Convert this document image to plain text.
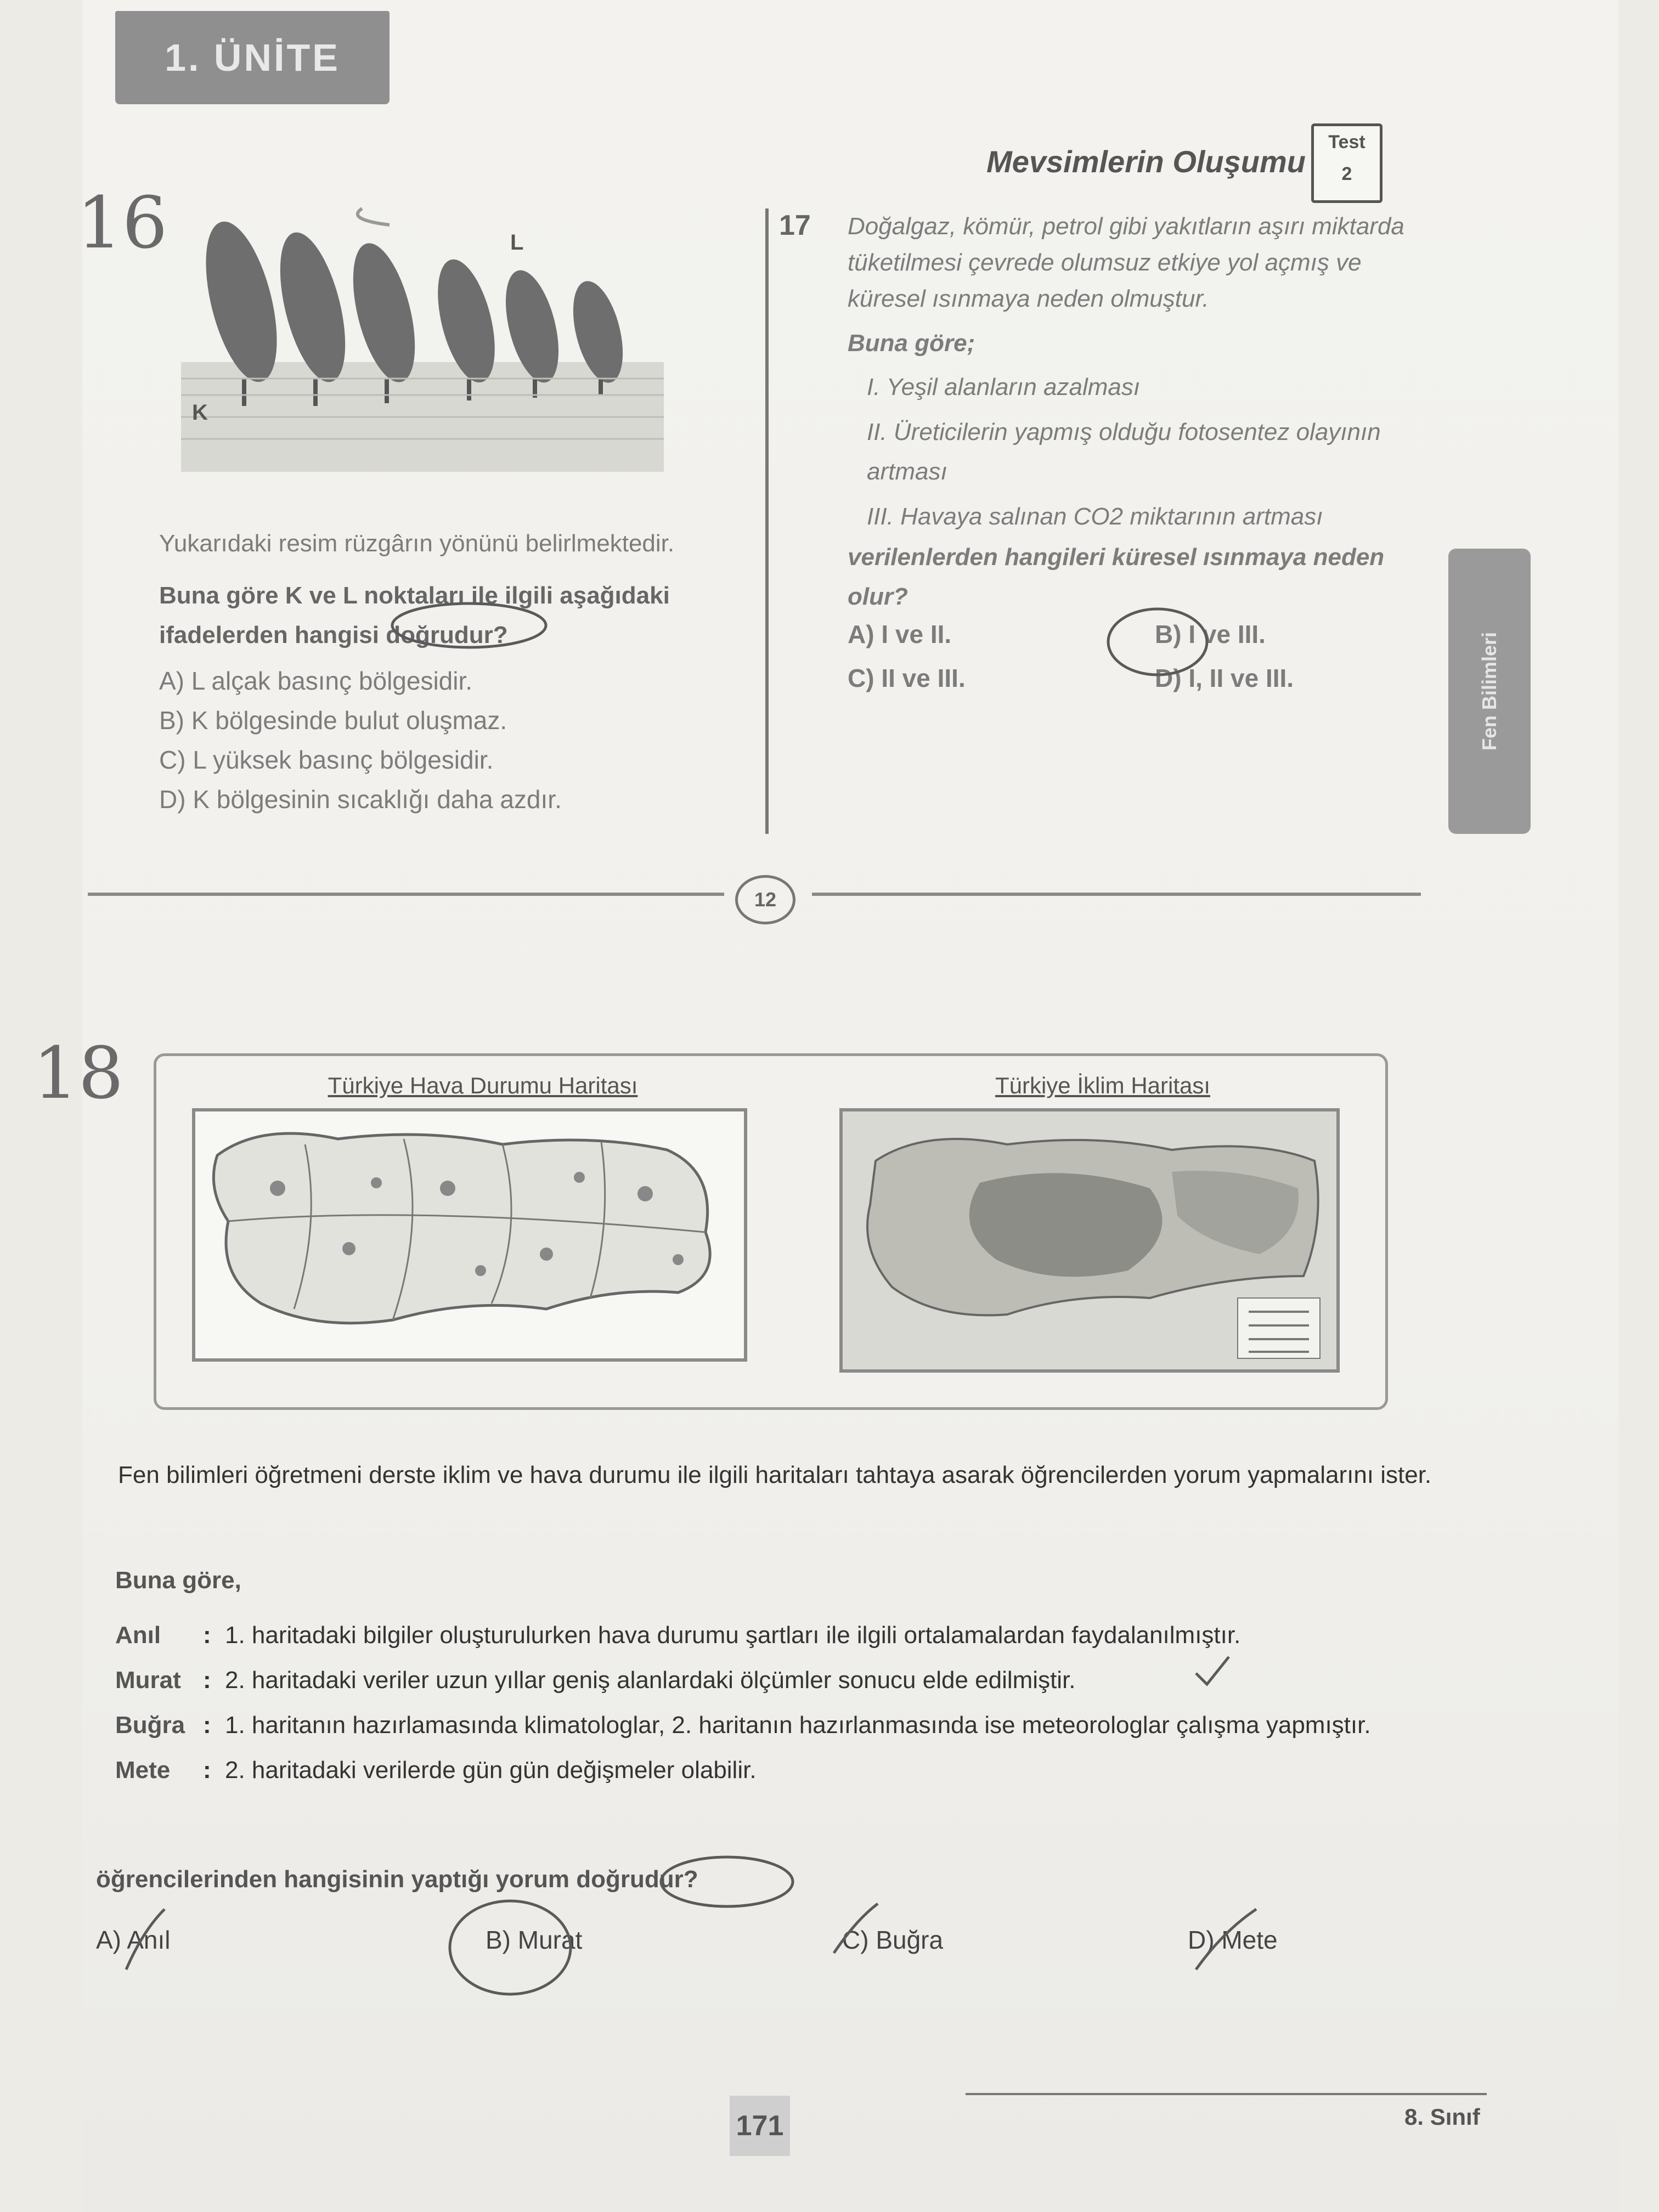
1. ÜNİTE
Mevsimlerin Oluşumu
Test
2
16	L
K
Yukarıdaki resim rüzgârın yönünü belirlmektedir.
Buna göre K ve L noktaları ile ilgili aşağıdaki ifadelerden hangisi doğrudur?
A) L alçak basınç bölgesidir.
B) K bölgesinde bulut oluşmaz.
C) L yüksek basınç bölgesidir.
D) K bölgesinin sıcaklığı daha azdır.
17 Doğalgaz, kömür, petrol gibi yakıtların aşırı miktarda tüketilmesi çevrede olumsuz etkiye yol açmış ve küresel ısınmaya neden olmuştur.
Buna göre;
I. Yeşil alanların azalması
II. Üreticilerin yapmış olduğu fotosentez olayının artması
III. Havaya salınan CO2 miktarının artması
verilenlerden hangileri küresel ısınmaya neden olur?
A) I ve II.	B) I ve III.
C) II ve III.	D) I, II ve III.	Fen Bilimleri
12
18	Türkiye Hava Durumu Haritası	Türkiye İklim Haritası
Fen bilimleri öğretmeni derste iklim ve hava durumu ile ilgili haritaları tahtaya asarak öğrencilerden yorum yapmalarını ister.
Buna göre,
Anıl	: 1. haritadaki bilgiler oluşturulurken hava durumu şartları ile ilgili ortalamalardan faydalanılmıştır.
Murat : 2. haritadaki veriler uzun yıllar geniş alanlardaki ölçümler sonucu elde edilmiştir.
Buğra : 1. haritanın hazırlamasında klimatologlar, 2. haritanın hazırlanmasında ise meteorologlar çalışma yapmıştır.
Mete	: 2. haritadaki verilerde gün gün değişmeler olabilir.
öğrencilerinden hangisinin yaptığı yorum doğrudur?
A) Anıl	B) Murat	C) Buğra	D) Mete
171	8. Sınıf
